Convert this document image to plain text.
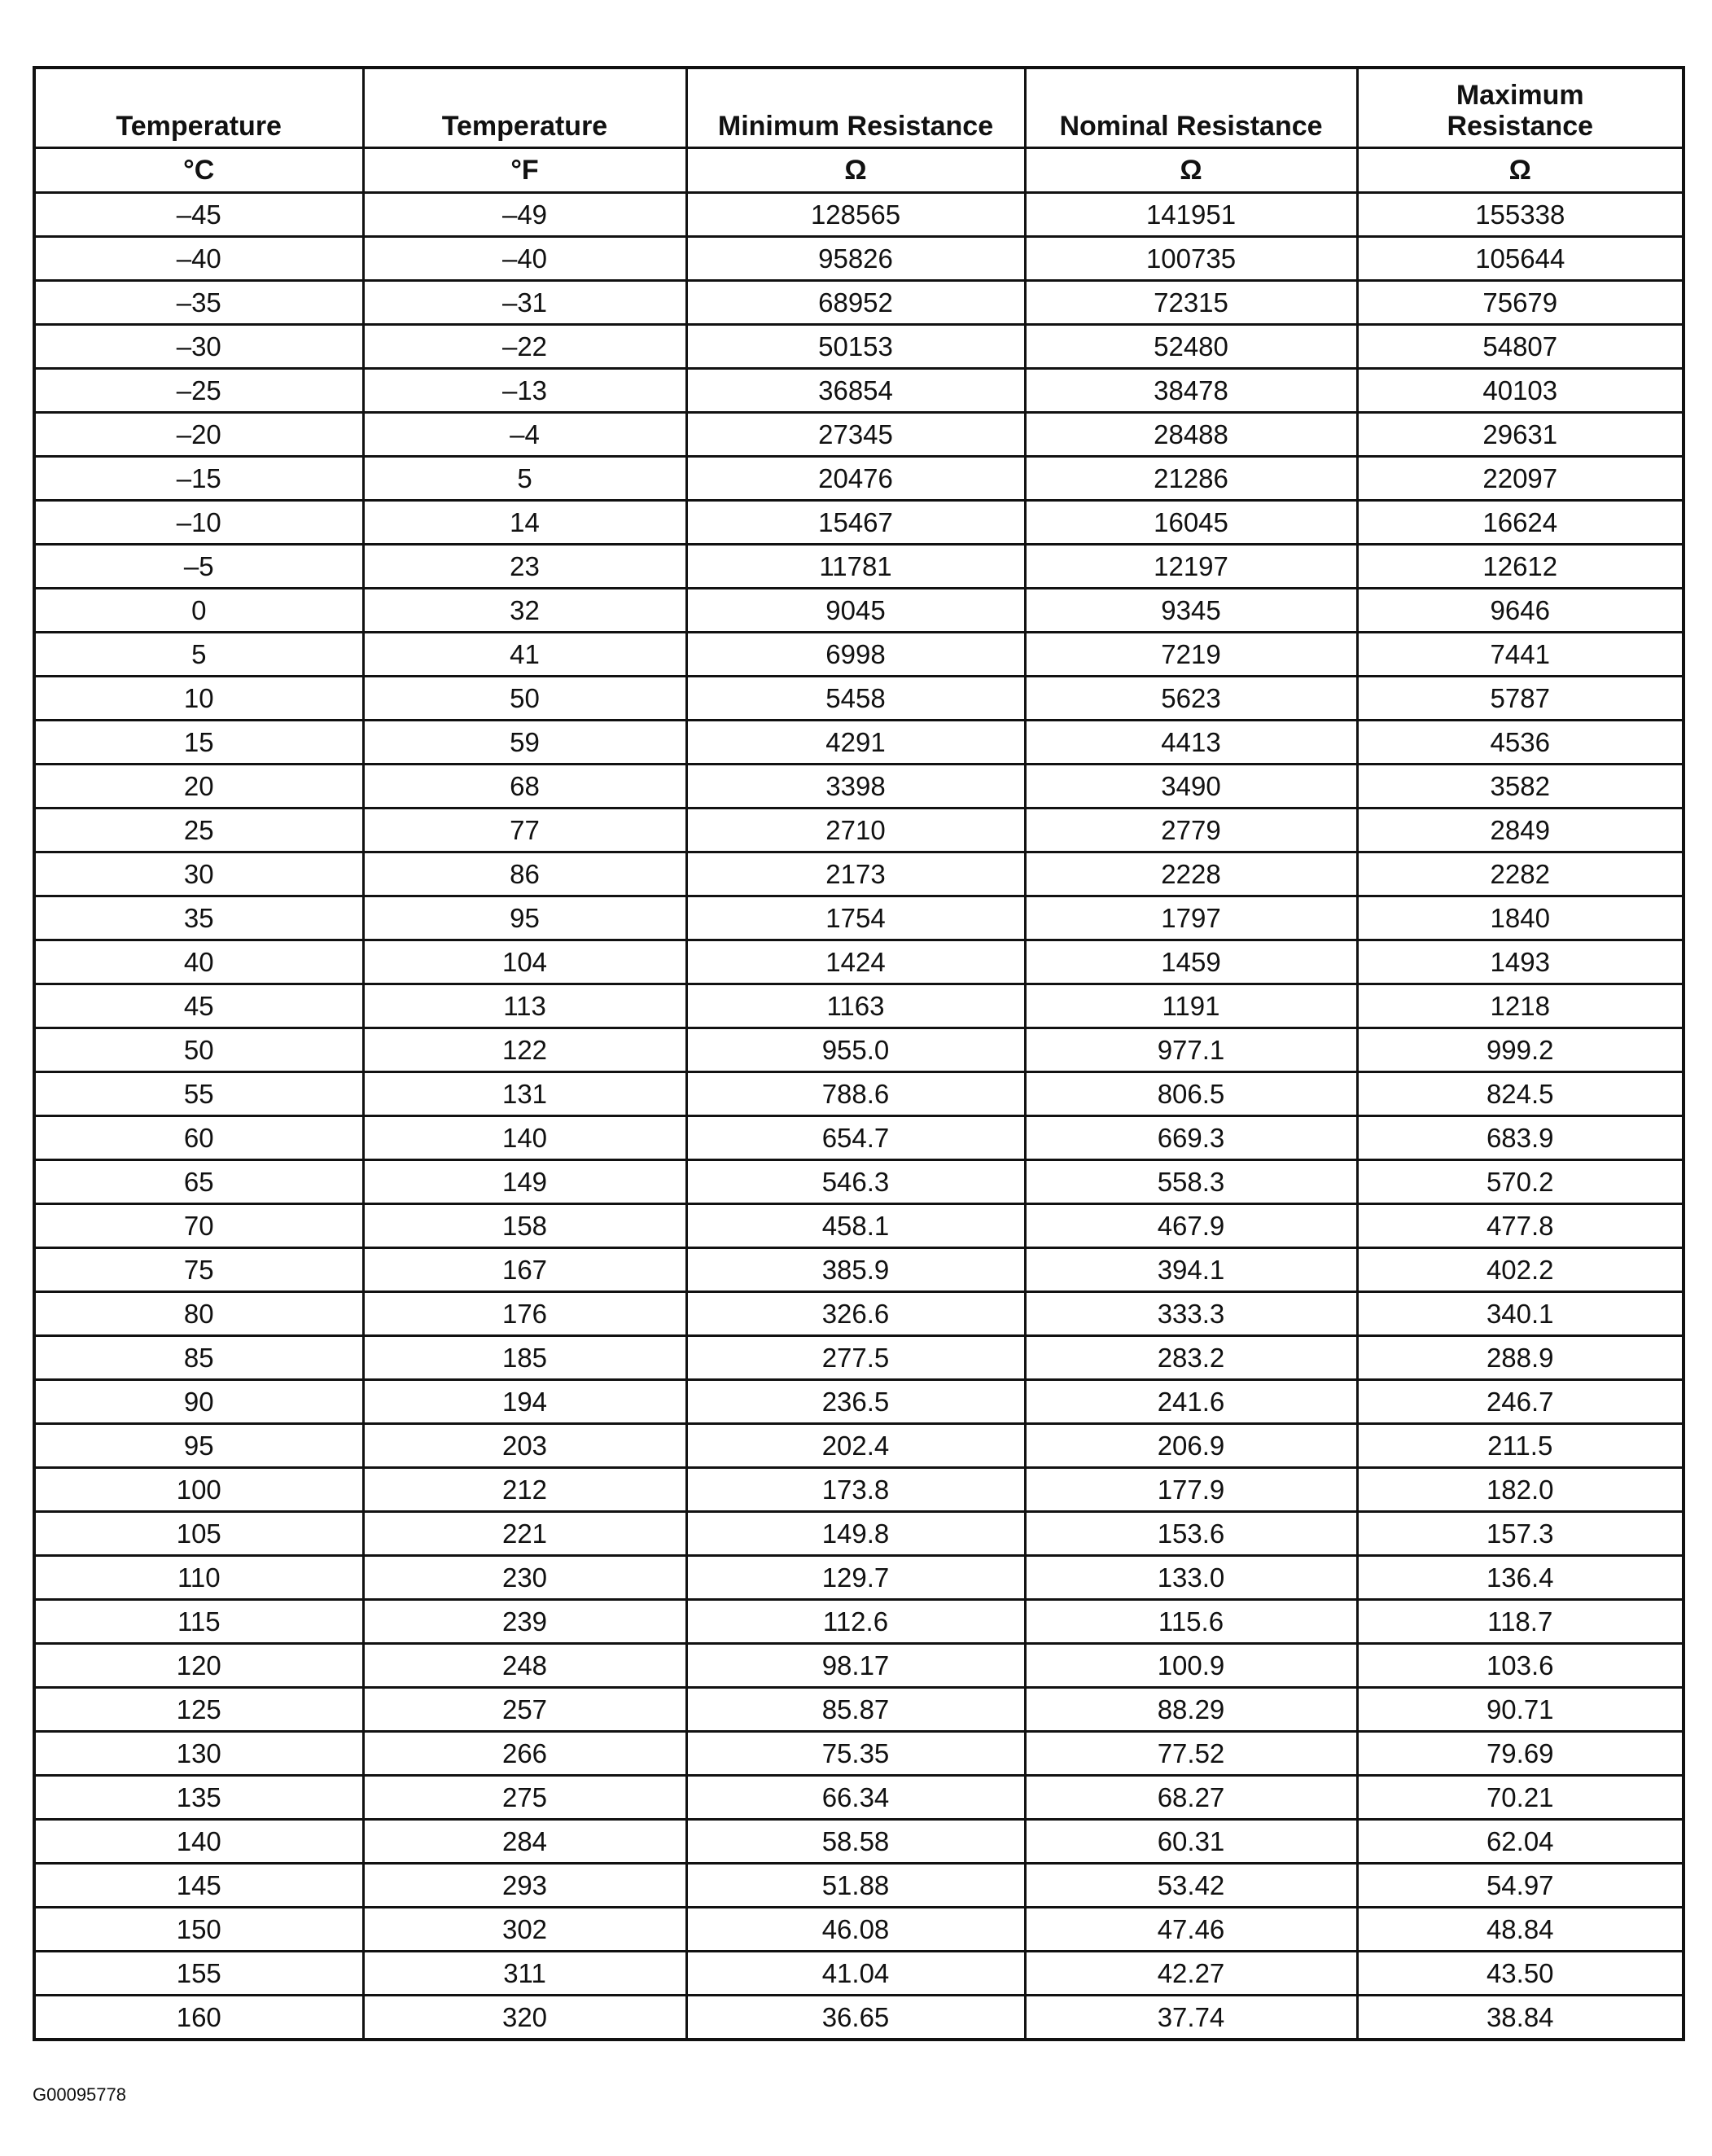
Temperature	Temperature	Minimum Resistance	Nominal Resistance	Maximum Resistance
°C	°F	Ω	Ω	Ω
–45	–49	128565	141951	155338
–40	–40	95826	100735	105644
–35	–31	68952	72315	75679
–30	–22	50153	52480	54807
–25	–13	36854	38478	40103
–20	–4	27345	28488	29631
–15	5	20476	21286	22097
–10	14	15467	16045	16624
–5	23	11781	12197	12612
0	32	9045	9345	9646
5	41	6998	7219	7441
10	50	5458	5623	5787
15	59	4291	4413	4536
20	68	3398	3490	3582
25	77	2710	2779	2849
30	86	2173	2228	2282
35	95	1754	1797	1840
40	104	1424	1459	1493
45	113	1163	1191	1218
50	122	955.0	977.1	999.2
55	131	788.6	806.5	824.5
60	140	654.7	669.3	683.9
65	149	546.3	558.3	570.2
70	158	458.1	467.9	477.8
75	167	385.9	394.1	402.2
80	176	326.6	333.3	340.1
85	185	277.5	283.2	288.9
90	194	236.5	241.6	246.7
95	203	202.4	206.9	211.5
100	212	173.8	177.9	182.0
105	221	149.8	153.6	157.3
110	230	129.7	133.0	136.4
115	239	112.6	115.6	118.7
120	248	98.17	100.9	103.6
125	257	85.87	88.29	90.71
130	266	75.35	77.52	79.69
135	275	66.34	68.27	70.21
140	284	58.58	60.31	62.04
145	293	51.88	53.42	54.97
150	302	46.08	47.46	48.84
155	311	41.04	42.27	43.50
160	320	36.65	37.74	38.84
G00095778
